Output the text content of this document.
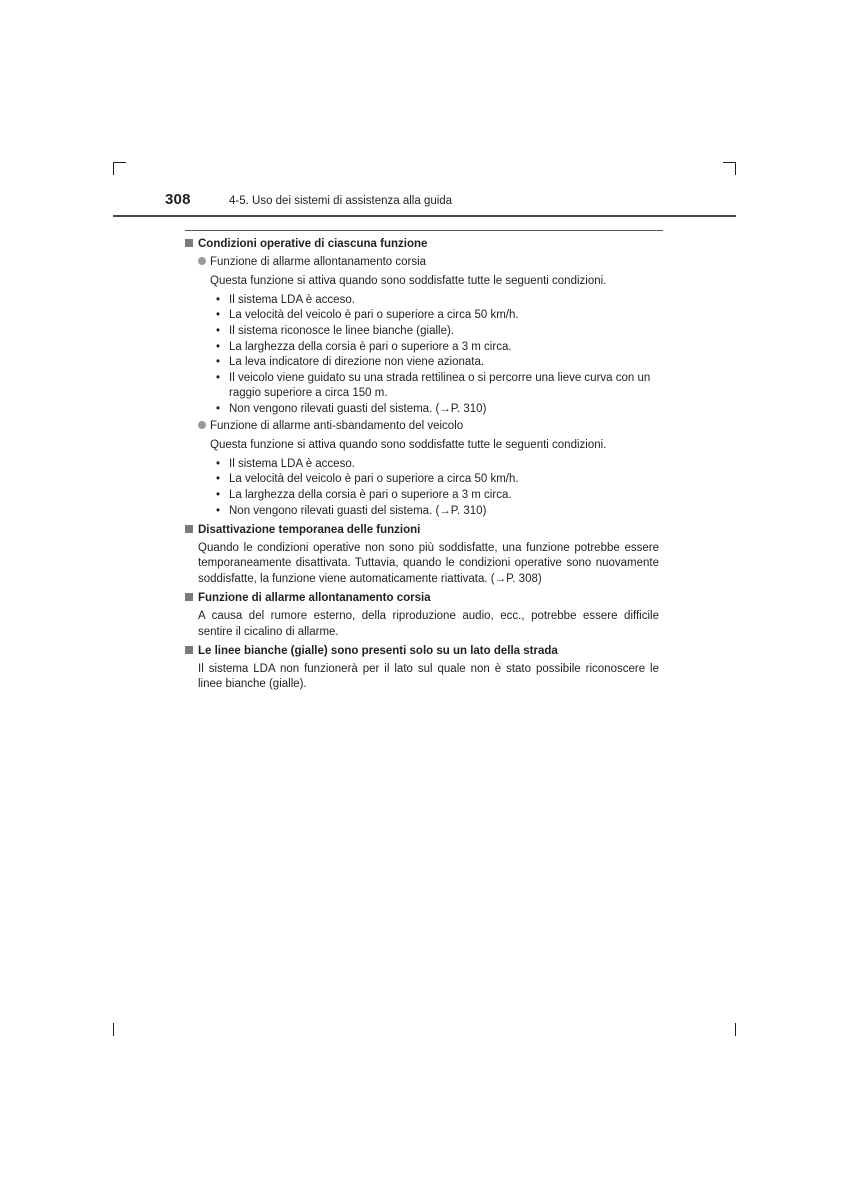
308	4-5. Uso dei sistemi di assistenza alla guida
Condizioni operative di ciascuna funzione
Funzione di allarme allontanamento corsia
Questa funzione si attiva quando sono soddisfatte tutte le seguenti condizioni.
• Il sistema LDA è acceso.
• La velocità del veicolo è pari o superiore a circa 50 km/h.
• Il sistema riconosce le linee bianche (gialle).
• La larghezza della corsia è pari o superiore a 3 m circa.
• La leva indicatore di direzione non viene azionata.
• Il veicolo viene guidato su una strada rettilinea o si percorre una lieve curva con un raggio superiore a circa 150 m.
• Non vengono rilevati guasti del sistema. (→P. 310)
Funzione di allarme anti-sbandamento del veicolo
Questa funzione si attiva quando sono soddisfatte tutte le seguenti condizioni.
• Il sistema LDA è acceso.
• La velocità del veicolo è pari o superiore a circa 50 km/h.
• La larghezza della corsia è pari o superiore a 3 m circa.
• Non vengono rilevati guasti del sistema. (→P. 310)
Disattivazione temporanea delle funzioni
Quando le condizioni operative non sono più soddisfatte, una funzione potrebbe essere temporaneamente disattivata. Tuttavia, quando le condizioni operative sono nuovamente soddisfatte, la funzione viene automaticamente riattivata. (→P. 308)
Funzione di allarme allontanamento corsia
A causa del rumore esterno, della riproduzione audio, ecc., potrebbe essere difficile sentire il cicalino di allarme.
Le linee bianche (gialle) sono presenti solo su un lato della strada
Il sistema LDA non funzionerà per il lato sul quale non è stato possibile riconoscere le linee bianche (gialle).
